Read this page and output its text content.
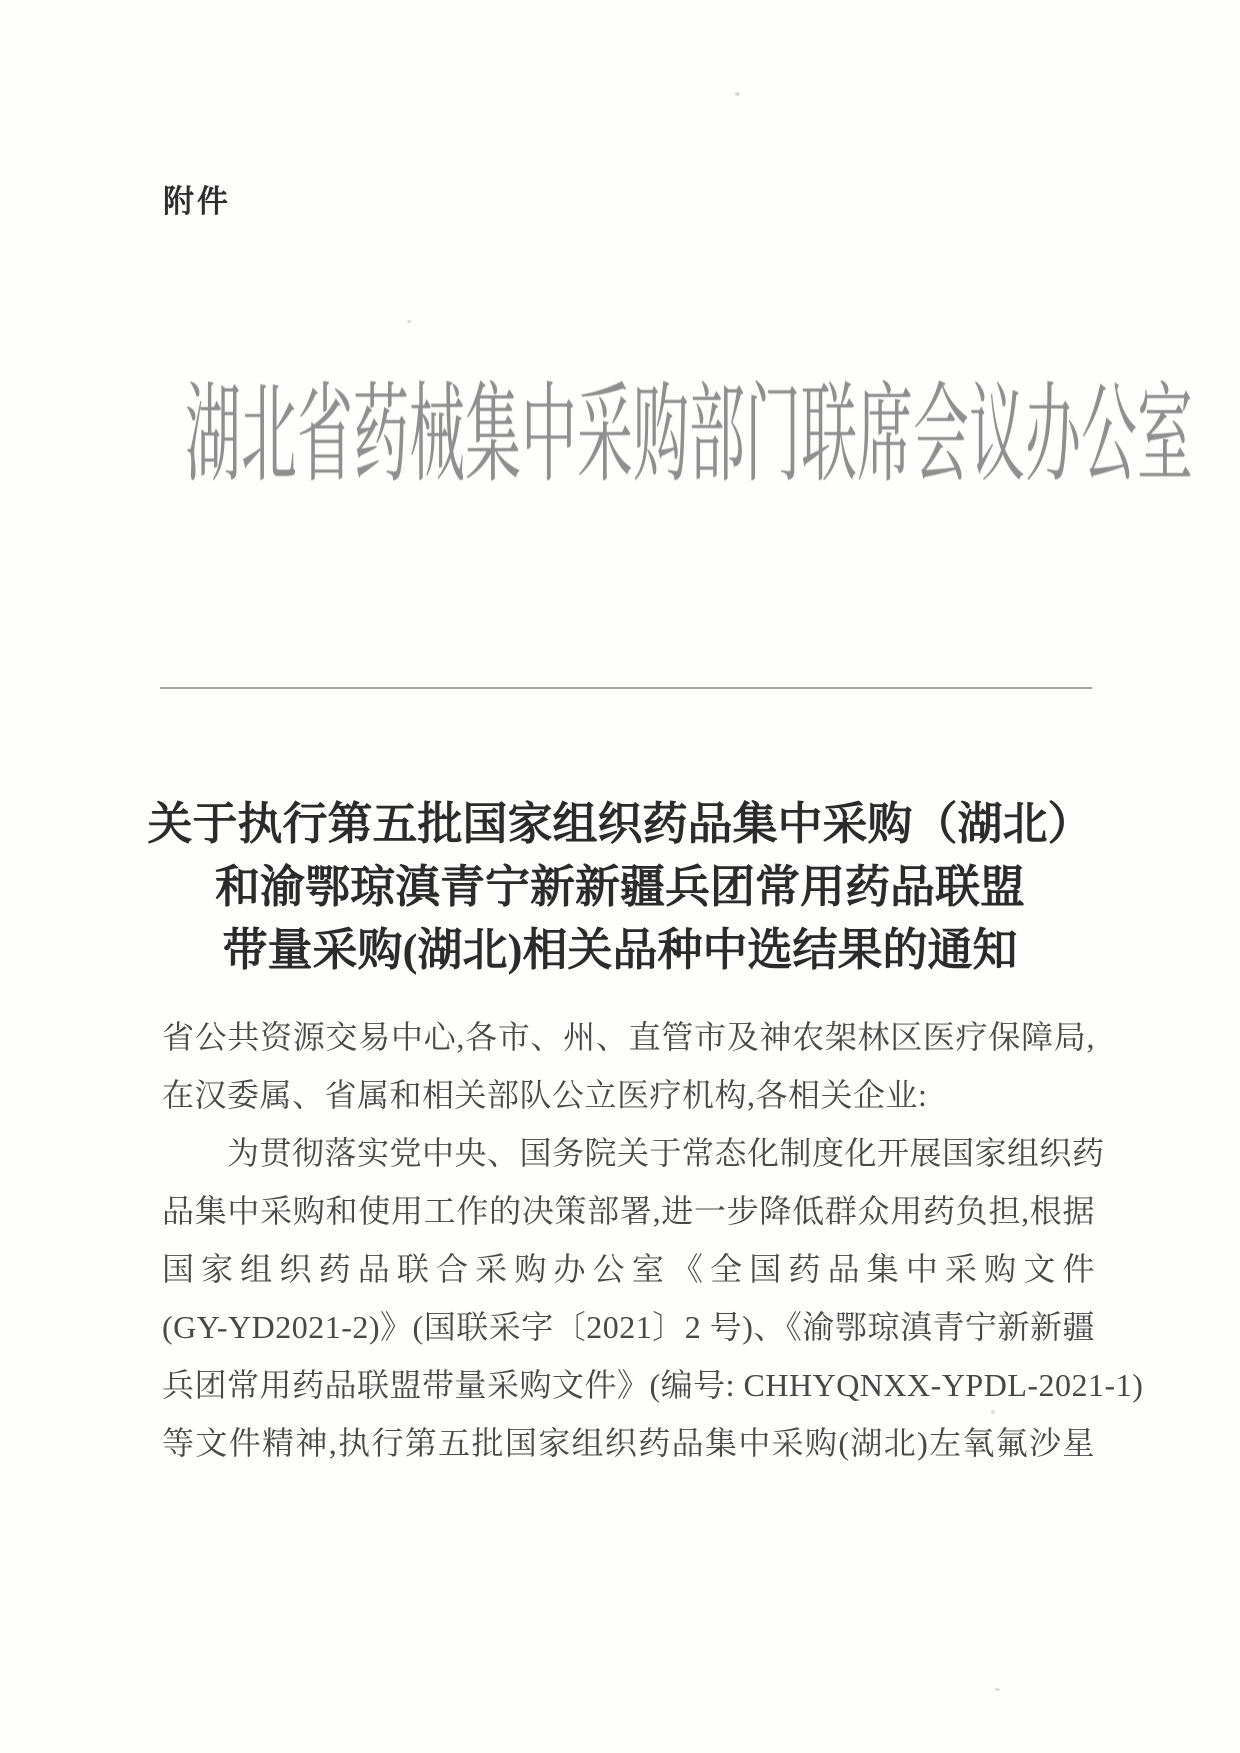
附件
湖北省药械集中采购部门联席会议办公室
关于执行第五批国家组织药品集中采购（湖北）
和渝鄂琼滇青宁新新疆兵团常用药品联盟
带量采购(湖北)相关品种中选结果的通知
省公共资源交易中心,各市、州、直管市及神农架林区医疗保障局,
在汉委属、省属和相关部队公立医疗机构,各相关企业:
为贯彻落实党中央、国务院关于常态化制度化开展国家组织药
品集中采购和使用工作的决策部署,进一步降低群众用药负担,根据
国家组织药品联合采购办公室《全国药品集中采购文件
(GY-YD2021-2)》(国联采字〔2021〕2 号)、《渝鄂琼滇青宁新新疆
兵团常用药品联盟带量采购文件》(编号: CHHYQNXX-YPDL-2021-1)
等文件精神,执行第五批国家组织药品集中采购(湖北)左氧氟沙星
